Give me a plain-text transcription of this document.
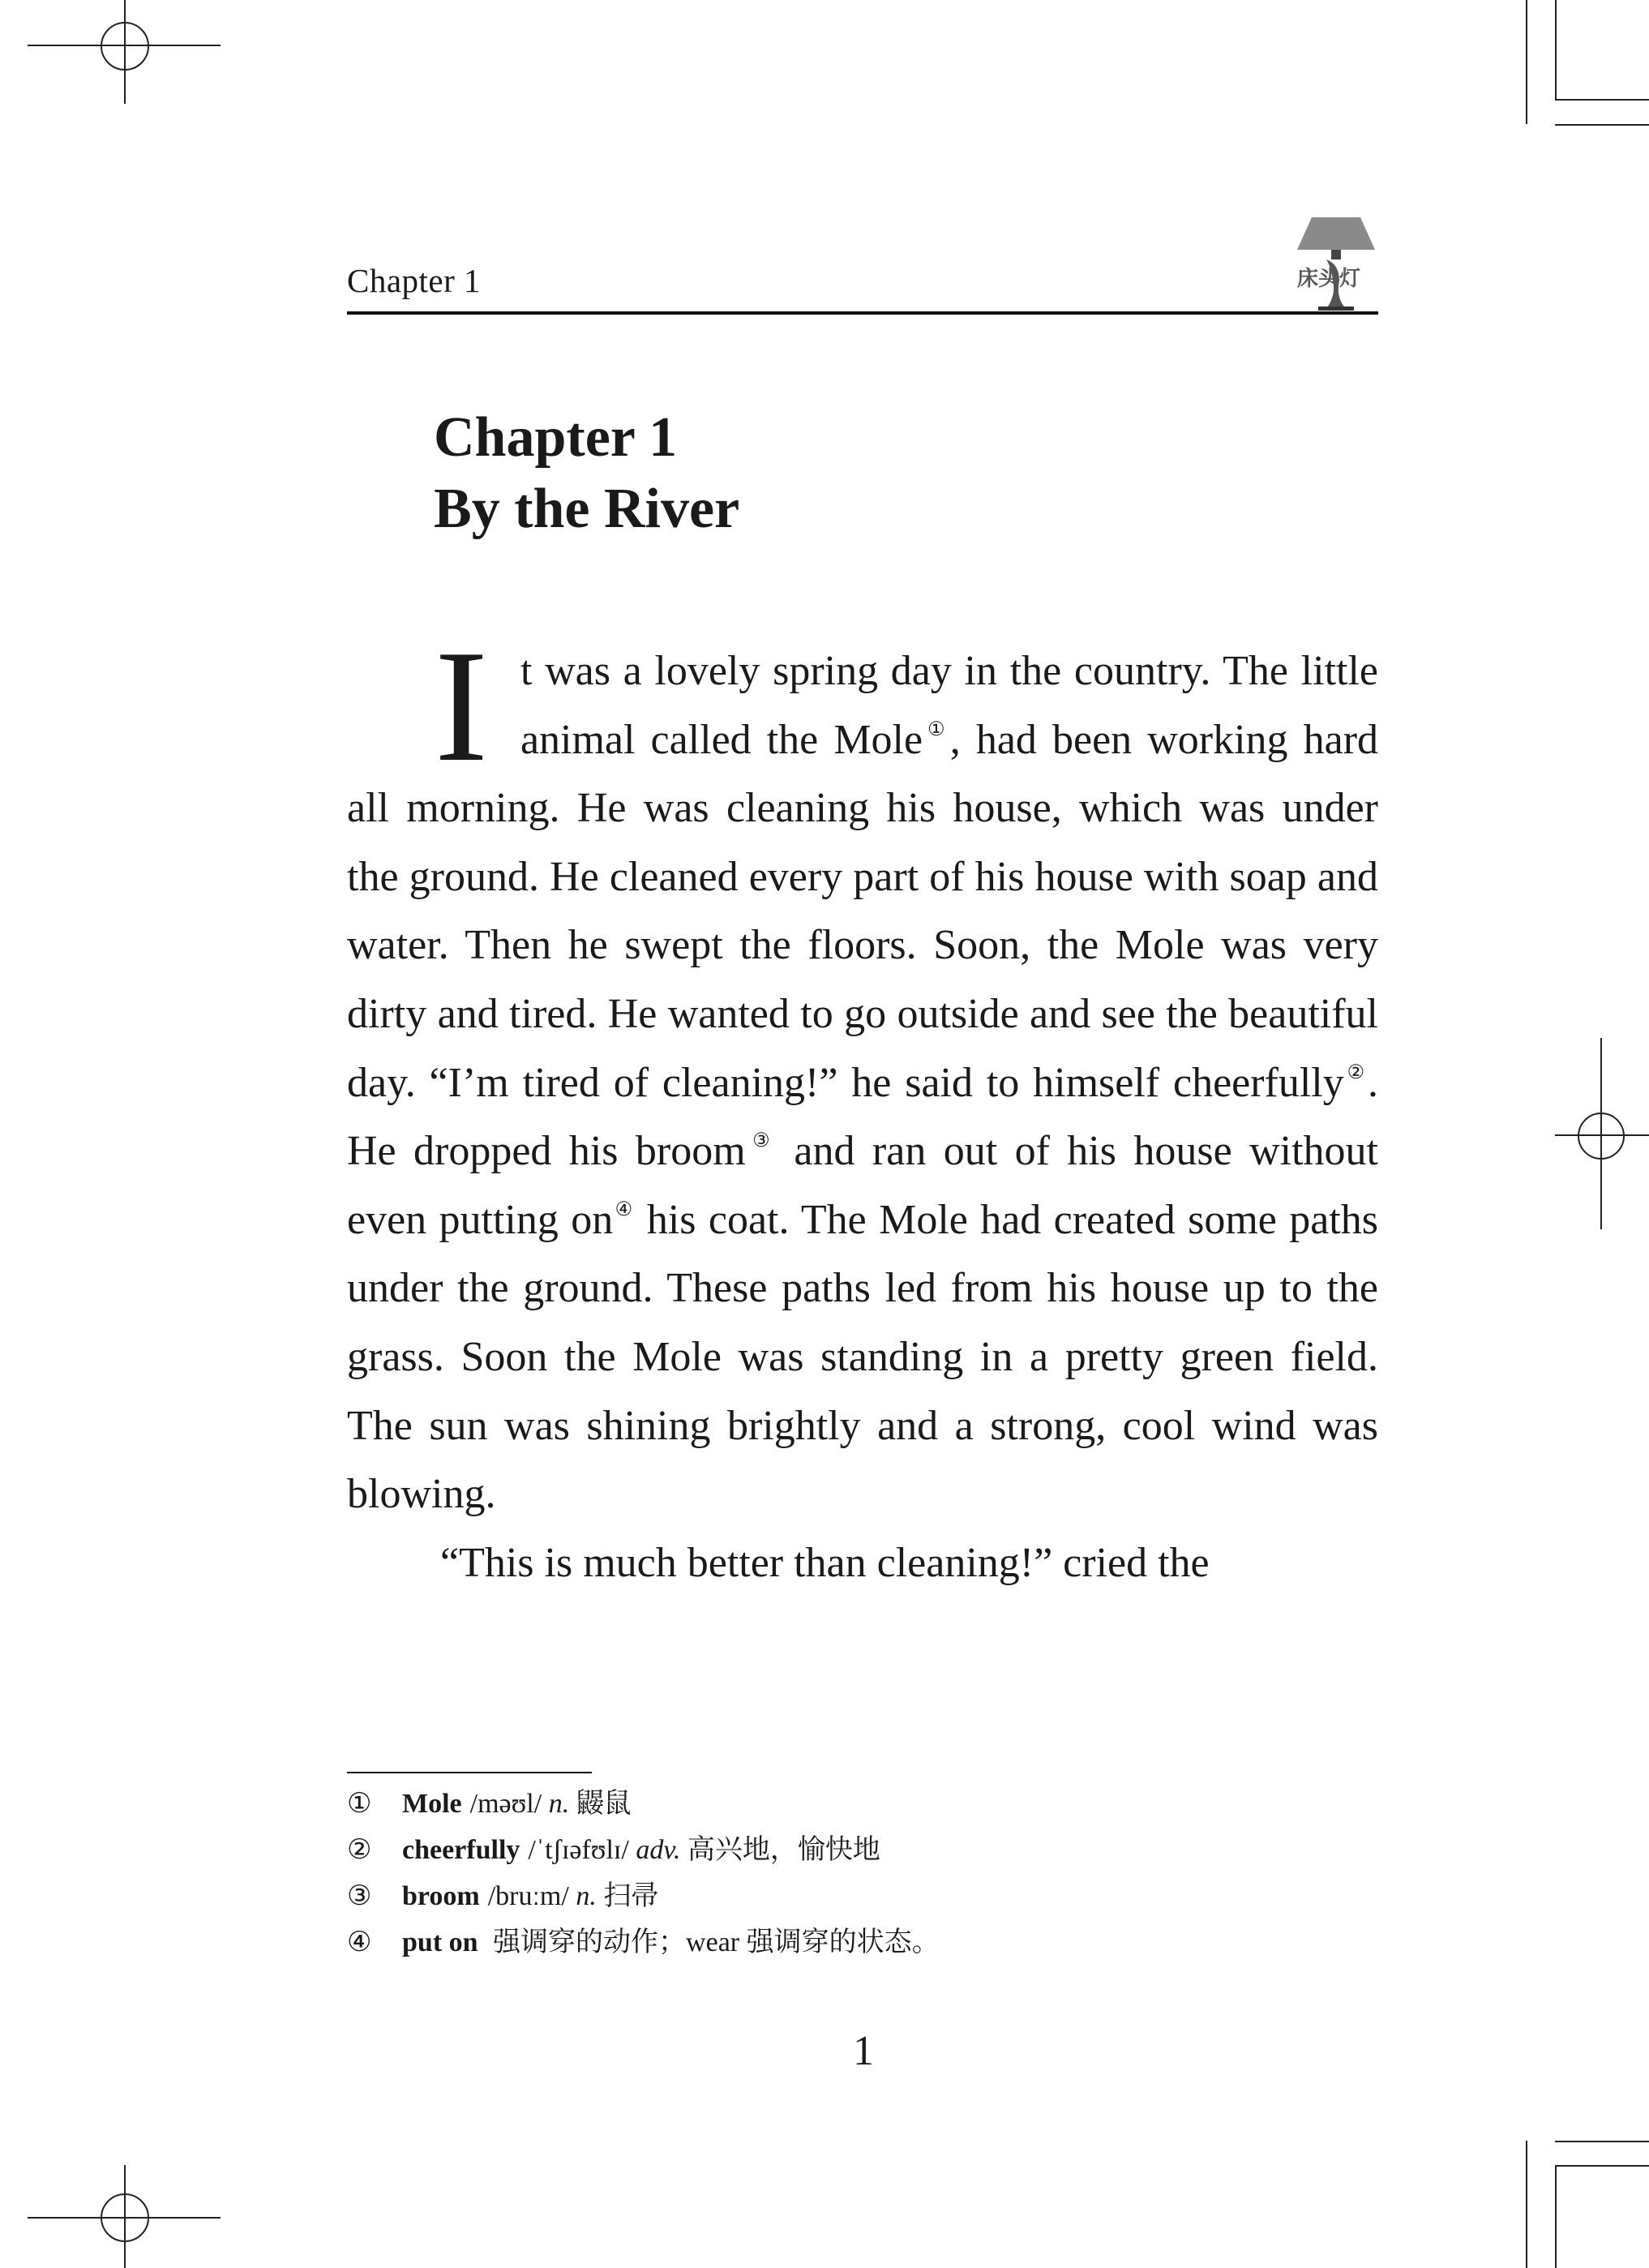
Chapter 1	床头灯
Chapter 1
By the River

It was a lovely spring day in the country. The little animal called the Mole①, had been working hard all morning. He was cleaning his house, which was under the ground. He cleaned every part of his house with soap and water. Then he swept the floors. Soon, the Mole was very dirty and tired. He wanted to go outside and see the beautiful day. “I’m tired of cleaning!” he said to himself cheerfully②. He dropped his broom③ and ran out of his house without even putting on④ his coat. The Mole had created some paths under the ground. These paths led from his house up to the grass. Soon the Mole was standing in a pretty green field. The sun was shining brightly and a strong, cool wind was blowing.

“This is much better than cleaning!” cried the

① Mole /məʊl/ n. 鼹鼠
② cheerfully /ˈtʃɪəfʊlɪ/ adv. 高兴地，愉快地
③ broom /bruːm/ n. 扫帚
④ put on 强调穿的动作；wear 强调穿的状态。
1
